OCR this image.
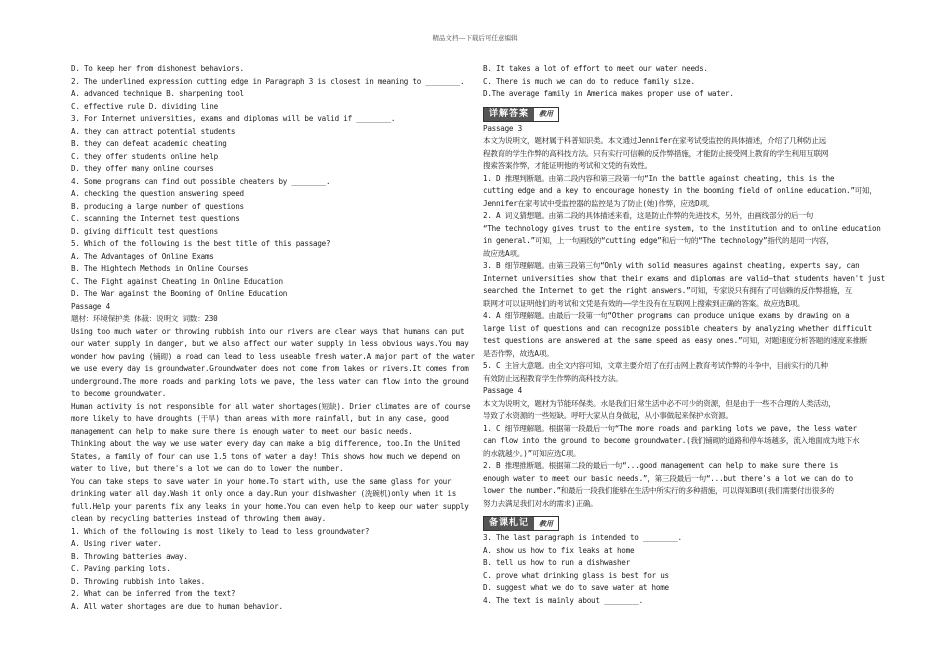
精品文档---下载后可任意编辑
D. To keep her from dishonest behaviors.
2. The underlined expression cutting edge in Paragraph 3 is closest in meaning to ________.
A. advanced technique B. sharpening tool
C. effective rule D. dividing line
3. For Internet universities, exams and diplomas will be valid if ________.
A. they can attract potential students
B. they can defeat academic cheating
C. they offer students online help
D. they offer many online courses
4. Some programs can find out possible cheaters by ________.
A. checking the question answering speed
B. producing a large number of questions
C. scanning the Internet test questions
D. giving difficult test questions
5. Which of the following is the best title of this passage?
A. The Advantages of Online Exams
B. The Hightech Methods in Online Courses
C. The Fight against Cheating in Online Education
D. The War against the Booming of Online Education
Passage 4
题材：环境保护类 体裁：说明文 词数：230
Using too much water or throwing rubbish into our rivers are clear ways that humans can put
our water supply in danger, but we also affect our water supply in less obvious ways.You may
wonder how paving (铺砌) a road can lead to less useable fresh water.A major part of the water
we use every day is groundwater.Groundwater does not come from lakes or rivers.It comes from
underground.The more roads and parking lots we pave, the less water can flow into the ground
to become groundwater.
Human activity is not responsible for all water shortages(短缺). Drier climates are of course
more likely to have droughts (干旱) than areas with more rainfall, but in any case, good
management can help to make sure there is enough water to meet our basic needs.
Thinking about the way we use water every day can make a big difference, too.In the United
States, a family of four can use 1.5 tons of water a day! This shows how much we depend on
water to live, but there's a lot we can do to lower the number.
You can take steps to save water in your home.To start with, use the same glass for your
drinking water all day.Wash it only once a day.Run your dishwasher (洗碗机)only when it is
full.Help your parents fix any leaks in your home.You can even help to keep our water supply
clean by recycling batteries instead of throwing them away.
1. Which of the following is most likely to lead to less groundwater?
A. Using river water.
B. Throwing batteries away.
C. Paving parking lots.
D. Throwing rubbish into lakes.
2. What can be inferred from the text?
A. All water shortages are due to human behavior.
B. It takes a lot of effort to meet our water needs.
C. There is much we can do to reduce family size.
D.The average family in America makes proper use of water.
详解答案	教用
Passage 3
本文为说明文，题材属于科普知识类。本文通过Jennifer在家考试受监控的具体描述，介绍了几种防止远
程教育的学生作弊的高科技方法。只有实行可信赖的反作弊措施，才能防止接受网上教育的学生利用互联网
搜索答案作弊，才能证明他的考试和文凭的有效性。
1. D 推理判断题。由第二段内容和第三段第一句“In the battle against cheating, this is the
cutting edge and a key to encourage honesty in the booming field of online education.”可知，
Jennifer在家考试中受监控器的监控是为了防止(她)作弊，应选D项。
2. A 词义猜想题。由第二段的具体描述来看，这是防止作弊的先进技术，另外，由画线部分的后一句
“The technology gives trust to the entire system, to the institution and to online education
in general.”可知，上一句画线的“cutting edge”和后一句的“The technology”指代的是同一内容，
故应选A项。
3. B 细节理解题。由第三段第三句“Only with solid measures against cheating, experts say, can
Internet universities show that their exams and diplomas are valid—that students haven't just
searched the Internet to get the right answers.”可知，专家说只有拥有了可信赖的反作弊措施，互
联网才可以证明他们的考试和文凭是有效的——学生没有在互联网上搜索到正确的答案。故应选B项。
4. A 细节理解题。由最后一段第一句“Other programs can produce unique exams by drawing on a
large list of questions and can recognize possible cheaters by analyzing whether difficult
test questions are answered at the same speed as easy ones.”可知，对题速度分析答题的速度来推断
是否作弊，故选A项。
5. C 主旨大意题。由全文内容可知，文章主要介绍了在打击网上教育考试作弊的斗争中，目前实行的几种
有效防止远程教育学生作弊的高科技方法。
Passage 4
本文为说明文，题材为节能环保类。水是我们日常生活中必不可少的资源，但是由于一些不合理的人类活动，
导致了水资源的一些短缺。呼吁大家从自身做起，从小事做起来保护水资源。
1. C 细节理解题。根据第一段最后一句“The more roads and parking lots we pave, the less water
can flow into the ground to become groundwater.(我们铺砌的道路和停车场越多，流入地面成为地下水
的水就越少。)”可知应选C项。
2. B 推理推断题。根据第二段的最后一句“...good management can help to make sure there is
enough water to meet our basic needs.”，第三段最后一句“...but there's a lot we can do to
lower the number.”和最后一段我们能够在生活中所实行的多种措施，可以得知B项(我们需要付出很多的
努力去满足我们对水的需求)正确。
备课札记	教用
3. The last paragraph is intended to ________.
A. show us how to fix leaks at home
B. tell us how to run a dishwasher
C. prove what drinking glass is best for us
D. suggest what we do to save water at home
4. The text is mainly about ________.
